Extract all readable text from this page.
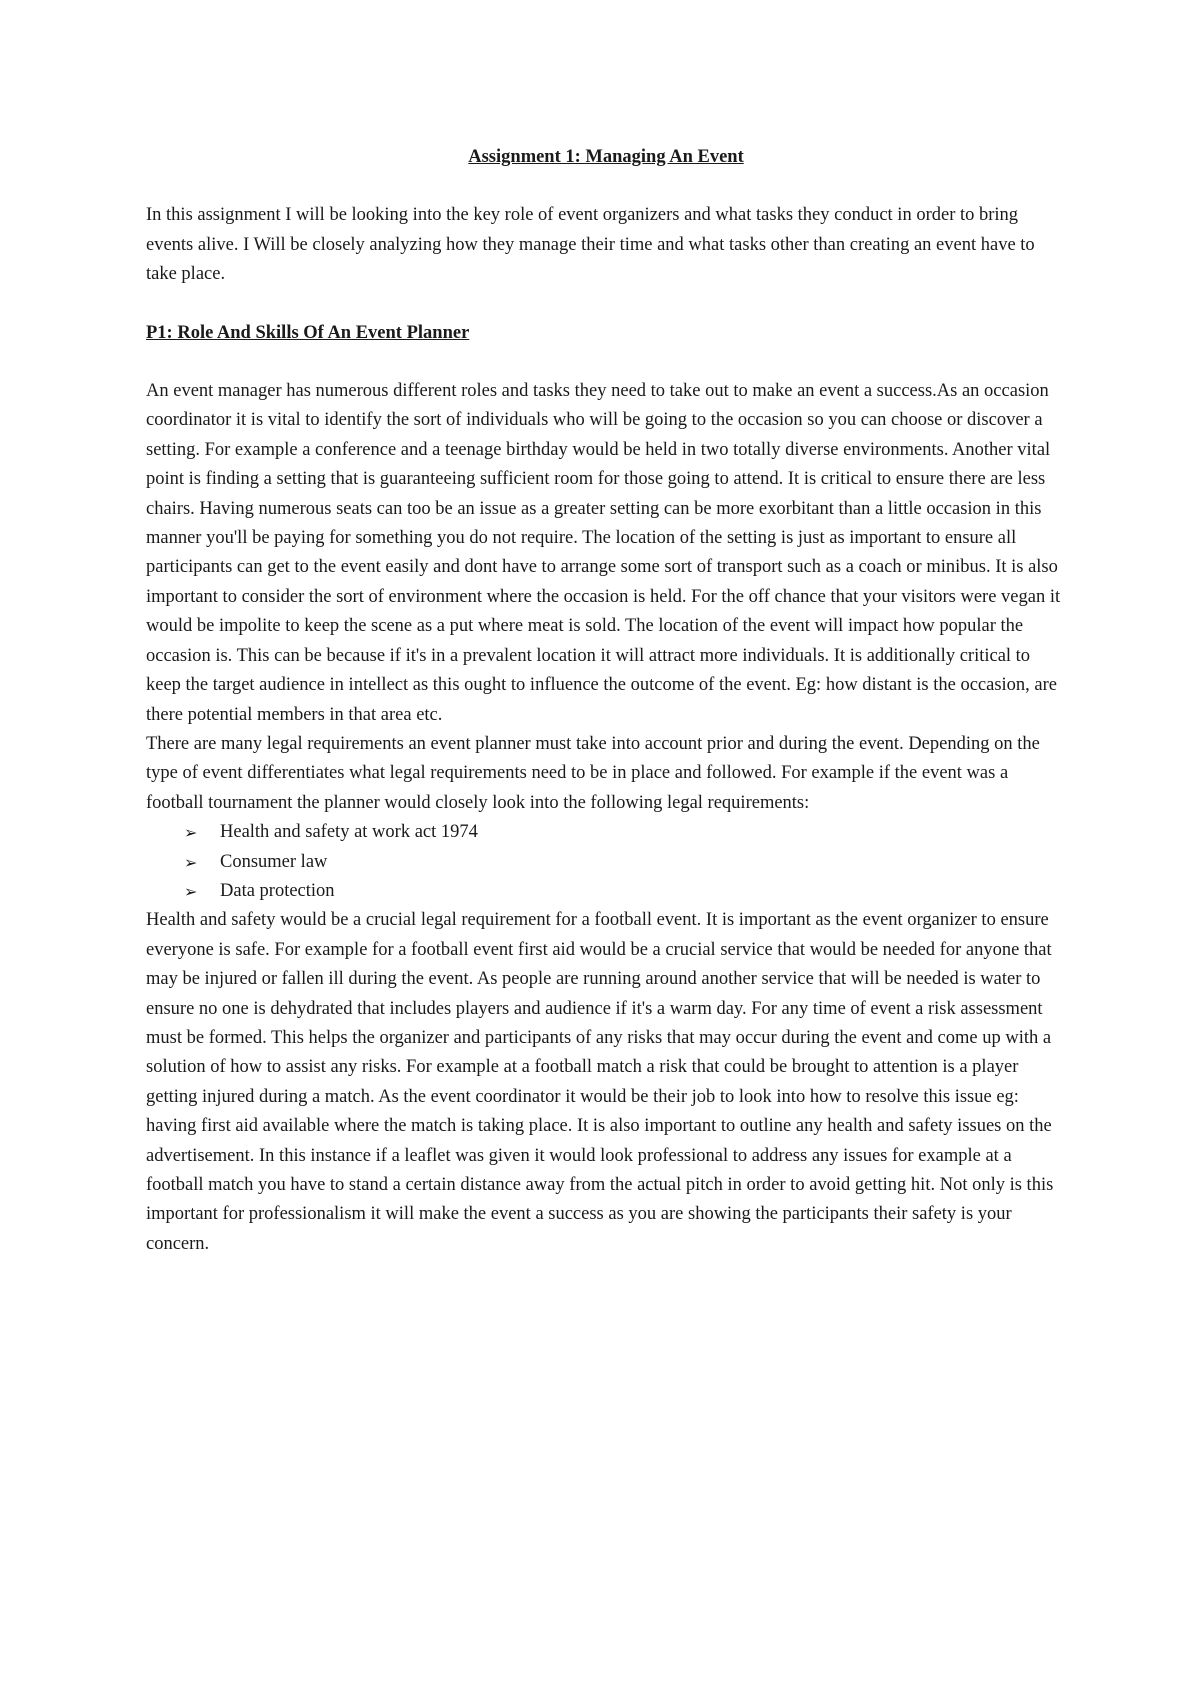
Assignment 1: Managing An Event

In this assignment I will be looking into the key role of event organizers and what tasks they conduct in order to bring events alive. I Will be closely analyzing how they manage their time and what tasks other than creating an event have to take place.

P1: Role And Skills Of An Event Planner

An event manager has numerous different roles and tasks they need to take out to make an event a success.As an occasion coordinator it is vital to identify the sort of individuals who will be going to the occasion so you can choose or discover a setting. For example a conference and a teenage birthday would be held in two totally diverse environments. Another vital point is finding a setting that is guaranteeing sufficient room for those going to attend. It is critical to ensure there are less chairs. Having numerous seats can too be an issue as a greater setting can be more exorbitant than a little occasion in this manner you'll be paying for something you do not require. The location of the setting is just as important to ensure all participants can get to the event easily and dont have to arrange some sort of transport such as a coach or minibus. It is also important to consider the sort of environment where the occasion is held. For the off chance that your visitors were vegan it would be impolite to keep the scene as a put where meat is sold. The location of the event will impact how popular the occasion is. This can be because if it's in a prevalent location it will attract more individuals. It is additionally critical to keep the target audience in intellect as this ought to influence the outcome of the event. Eg: how distant is the occasion, are there potential members in that area etc.

There are many legal requirements an event planner must take into account prior and during the event. Depending on the type of event differentiates what legal requirements need to be in place and followed. For example if the event was a football tournament the planner would closely look into the following legal requirements:

➢	Health and safety at work act 1974
➢	Consumer law
➢	Data protection

Health and safety would be a crucial legal requirement for a football event. It is important as the event organizer to ensure everyone is safe. For example for a football event first aid would be a crucial service that would be needed for anyone that may be injured or fallen ill during the event. As people are running around another service that will be needed is water to ensure no one is dehydrated that includes players and audience if it's a warm day. For any time of event a risk assessment must be formed. This helps the organizer and participants of any risks that may occur during the event and come up with a solution of how to assist any risks. For example at a football match a risk that could be brought to attention is a player getting injured during a match. As the event coordinator it would be their job to look into how to resolve this issue eg: having first aid available where the match is taking place. It is also important to outline any health and safety issues on the advertisement. In this instance if a leaflet was given it would look professional to address any issues for example at a football match you have to stand a certain distance away from the actual pitch in order to avoid getting hit. Not only is this important for professionalism it will make the event a success as you are showing the participants their safety is your concern.
